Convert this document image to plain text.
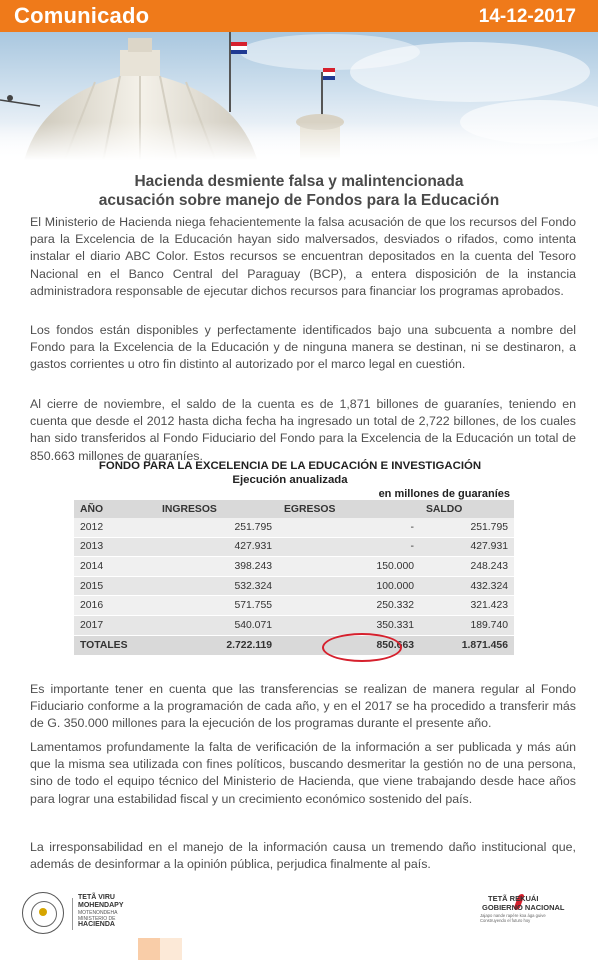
Comunicado	14-12-2017
Hacienda desmiente falsa y malintencionada
acusación sobre manejo de Fondos para la Educación
El Ministerio de Hacienda niega fehacientemente la falsa acusación de que los recursos del Fondo para la Excelencia de la Educación hayan sido malversados, desviados o rifados, como intenta instalar el diario ABC Color. Estos recursos se encuentran depositados en la cuenta del Tesoro Nacional en el Banco Central del Paraguay (BCP), a entera disposición de la instancia administradora responsable de ejecutar dichos recursos para financiar los programas aprobados.
Los fondos están disponibles y perfectamente identificados bajo una subcuenta a nombre del Fondo para la Excelencia de la Educación y de ninguna manera se destinan, ni se destinaron, a gastos corrientes u otro fin distinto al autorizado por el marco legal en cuestión.
Al cierre de noviembre, el saldo de la cuenta es de 1,871 billones de guaraníes, teniendo en cuenta que desde el 2012 hasta dicha fecha ha ingresado un total de 2,722 billones, de los cuales han sido transferidos al Fondo Fiduciario del Fondo para la Excelencia de la Educación un total de 850.663 millones de guaraníes.
FONDO PARA LA EXCELENCIA DE LA EDUCACIÓN E INVESTIGACIÓN
Ejecución anualizada
en millones de guaraníes
AÑO	INGRESOS	EGRESOS	SALDO
2012	251.795	-	251.795
2013	427.931	-	427.931
2014	398.243	150.000	248.243
2015	532.324	100.000	432.324
2016	571.755	250.332	321.423
2017	540.071	350.331	189.740
TOTALES	2.722.119	850.663	1.871.456
Es importante tener en cuenta que las transferencias se realizan de manera regular al Fondo Fiduciario conforme a la programación de cada año, y en el 2017 se ha procedido a transferir más de G. 350.000 millones para la ejecución de los programas durante el presente año.
Lamentamos profundamente la falta de verificación de la información a ser publicada y más aún que la misma sea utilizada con fines políticos, buscando desmeritar la gestión no de una persona, sino de todo el equipo técnico del Ministerio de Hacienda, que viene trabajando desde hace años para lograr una estabilidad fiscal y un crecimiento económico sostenido del país.
La irresponsabilidad en el manejo de la información causa un tremendo daño institucional que, además de desinformar a la opinión pública, perjudica finalmente al país.
TETÃ VIRU
MOHENDAPY
MOTENONDEHA
MINISTERIO DE
HACIENDA
TETÃ REKUÁI
GOBIERNO NACIONAL
Jajapo nande rapére koa ága guive
Construyendo el futuro hoy
